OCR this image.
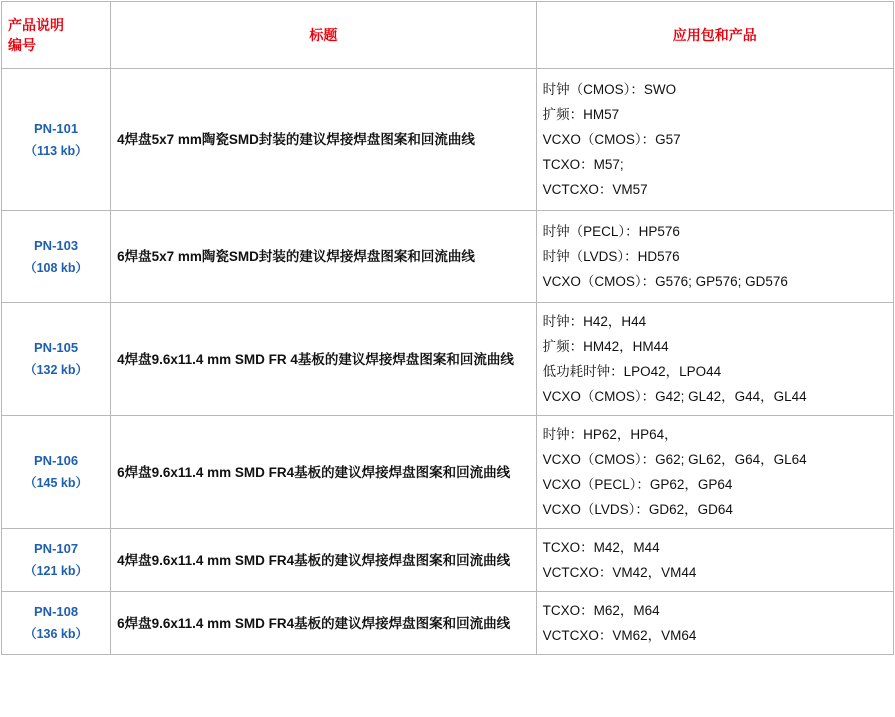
产品说明
编号	标题	应用包和产品
PN-101
（113 kb）	4焊盘5x7 mm陶瓷SMD封装的建议焊接焊盘图案和回流曲线	时钟（CMOS）：SWO
扩频：HM57
VCXO（CMOS）：G57
TCXO：M57;
VCTCXO：VM57

PN-103
（108 kb）	6焊盘5x7 mm陶瓷SMD封装的建议焊接焊盘图案和回流曲线	时钟（PECL）：HP576
时钟（LVDS）：HD576
VCXO（CMOS）：G576; GP576; GD576

PN-105
（132 kb）	4焊盘9.6x11.4 mm SMD FR 4基板的建议焊接焊盘图案和回流曲线	时钟：H42，H44
扩频：HM42，HM44
低功耗时钟：LPO42，LPO44
VCXO（CMOS）：G42; GL42，G44，GL44

PN-106
（145 kb）	6焊盘9.6x11.4 mm SMD FR4基板的建议焊接焊盘图案和回流曲线	时钟：HP62，HP64，
VCXO（CMOS）：G62; GL62，G64，GL64
VCXO（PECL）：GP62，GP64
VCXO（LVDS）：GD62，GD64

PN-107
（121 kb）	4焊盘9.6x11.4 mm SMD FR4基板的建议焊接焊盘图案和回流曲线	TCXO：M42，M44
VCTCXO：VM42，VM44

PN-108
（136 kb）	6焊盘9.6x11.4 mm SMD FR4基板的建议焊接焊盘图案和回流曲线	TCXO：M62，M64
VCTCXO：VM62，VM64
